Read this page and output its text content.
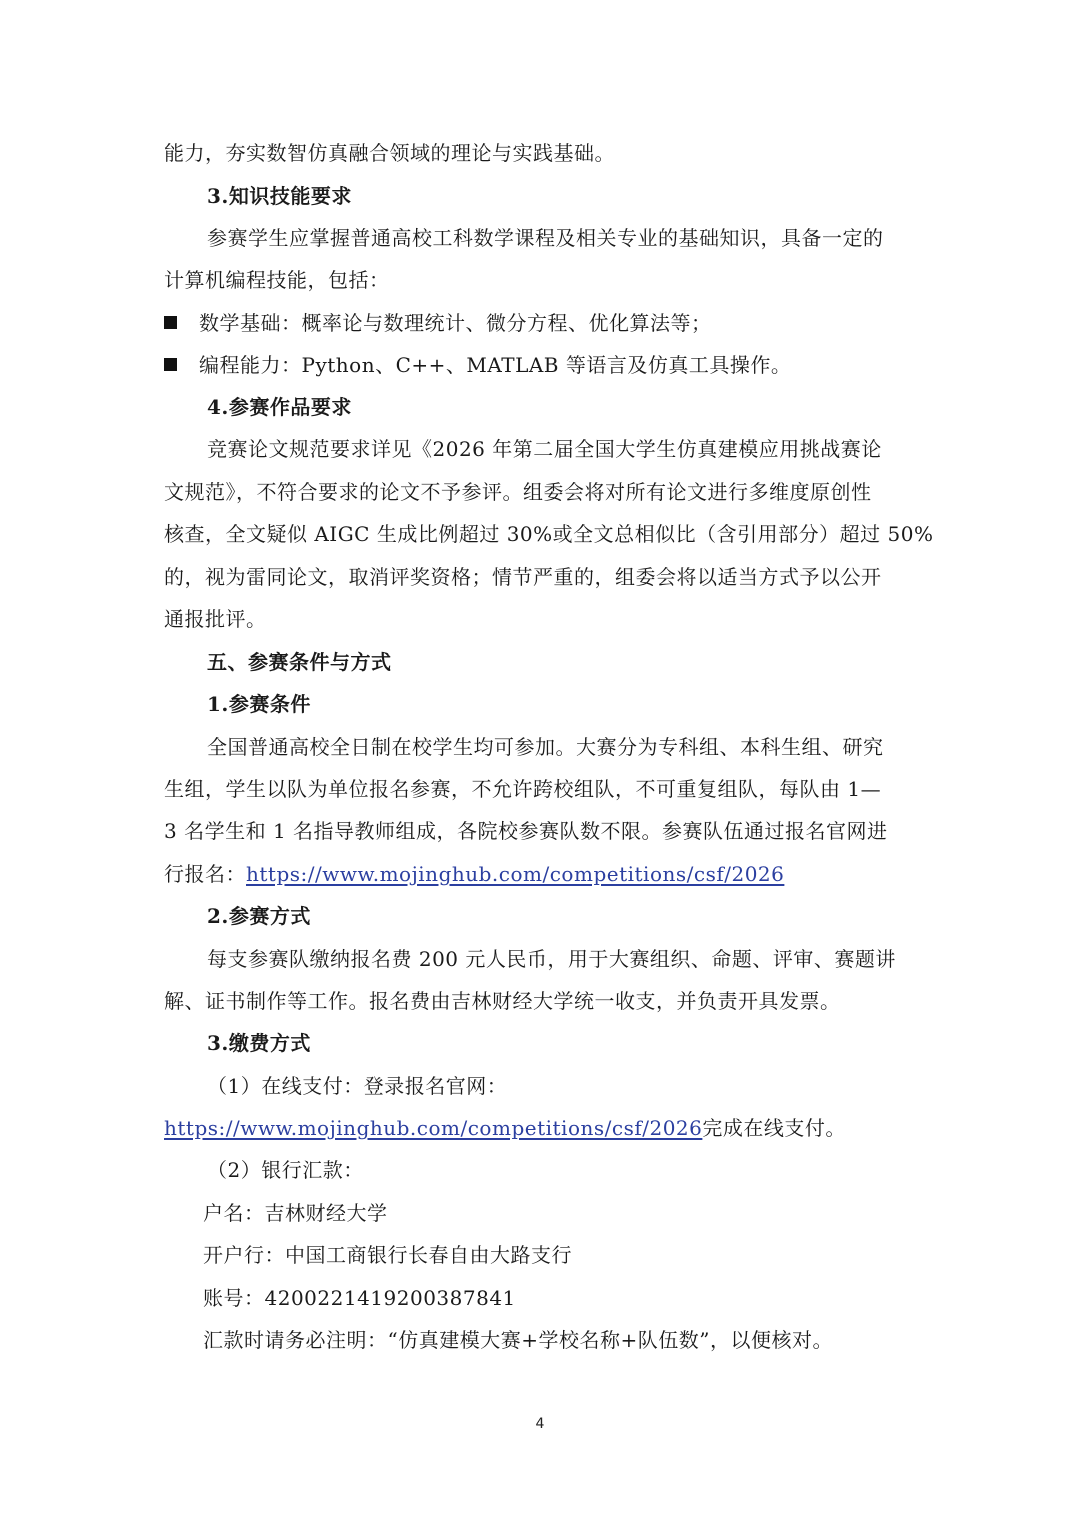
能力，夯实数智仿真融合领域的理论与实践基础。
3.知识技能要求
参赛学生应掌握普通高校工科数学课程及相关专业的基础知识，具备一定的
计算机编程技能，包括：
数学基础：概率论与数理统计、微分方程、优化算法等；
编程能力：Python、C++、MATLAB 等语言及仿真工具操作。
4.参赛作品要求
竞赛论文规范要求详见《2026 年第二届全国大学生仿真建模应用挑战赛论
文规范》，不符合要求的论文不予参评。组委会将对所有论文进行多维度原创性
核查，全文疑似 AIGC 生成比例超过 30%或全文总相似比（含引用部分）超过 50%
的，视为雷同论文，取消评奖资格；情节严重的，组委会将以适当方式予以公开
通报批评。
五、参赛条件与方式
1.参赛条件
全国普通高校全日制在校学生均可参加。大赛分为专科组、本科生组、研究
生组，学生以队为单位报名参赛，不允许跨校组队，不可重复组队，每队由 1—
3 名学生和 1 名指导教师组成，各院校参赛队数不限。参赛队伍通过报名官网进
行报名：https://www.mojinghub.com/competitions/csf/2026
2.参赛方式
每支参赛队缴纳报名费 200 元人民币，用于大赛组织、命题、评审、赛题讲
解、证书制作等工作。报名费由吉林财经大学统一收支，并负责开具发票。
3.缴费方式
（1）在线支付：登录报名官网：
https://www.mojinghub.com/competitions/csf/2026完成在线支付。
（2）银行汇款：
户名：吉林财经大学
开户行：中国工商银行长春自由大路支行
账号：4200221419200387841
汇款时请务必注明：“仿真建模大赛+学校名称+队伍数”，以便核对。
4
